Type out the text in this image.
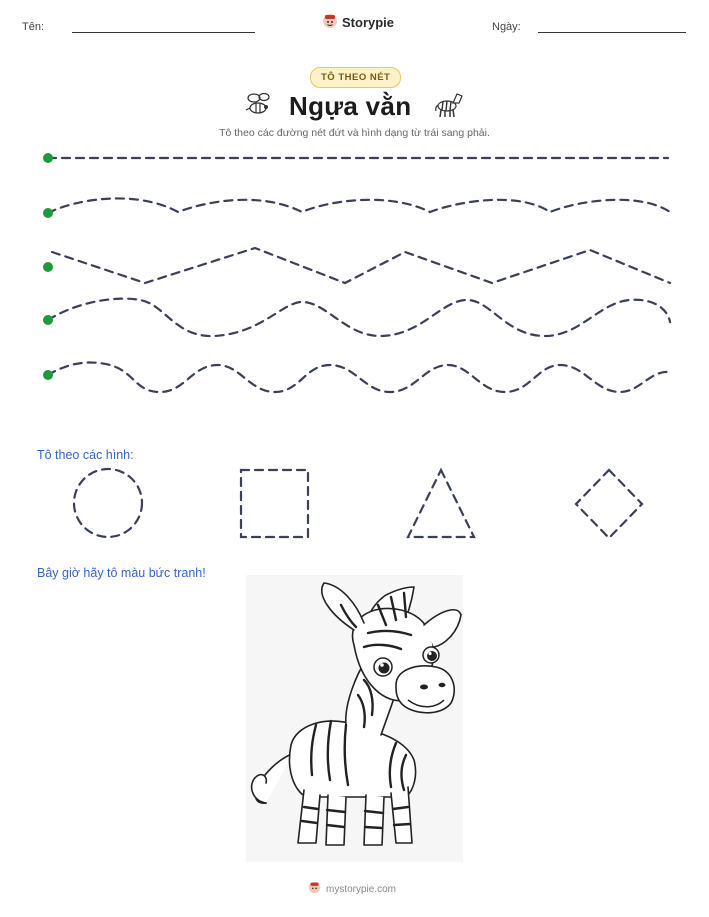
Tên:	Storypie	Ngày:
TÔ THEO NÉT
Ngựa vằn
Tô theo các đường nét đứt và hình dạng từ trái sang phải.
Tô theo các hình:
Bây giờ hãy tô màu bức tranh!
mystorypie.com
